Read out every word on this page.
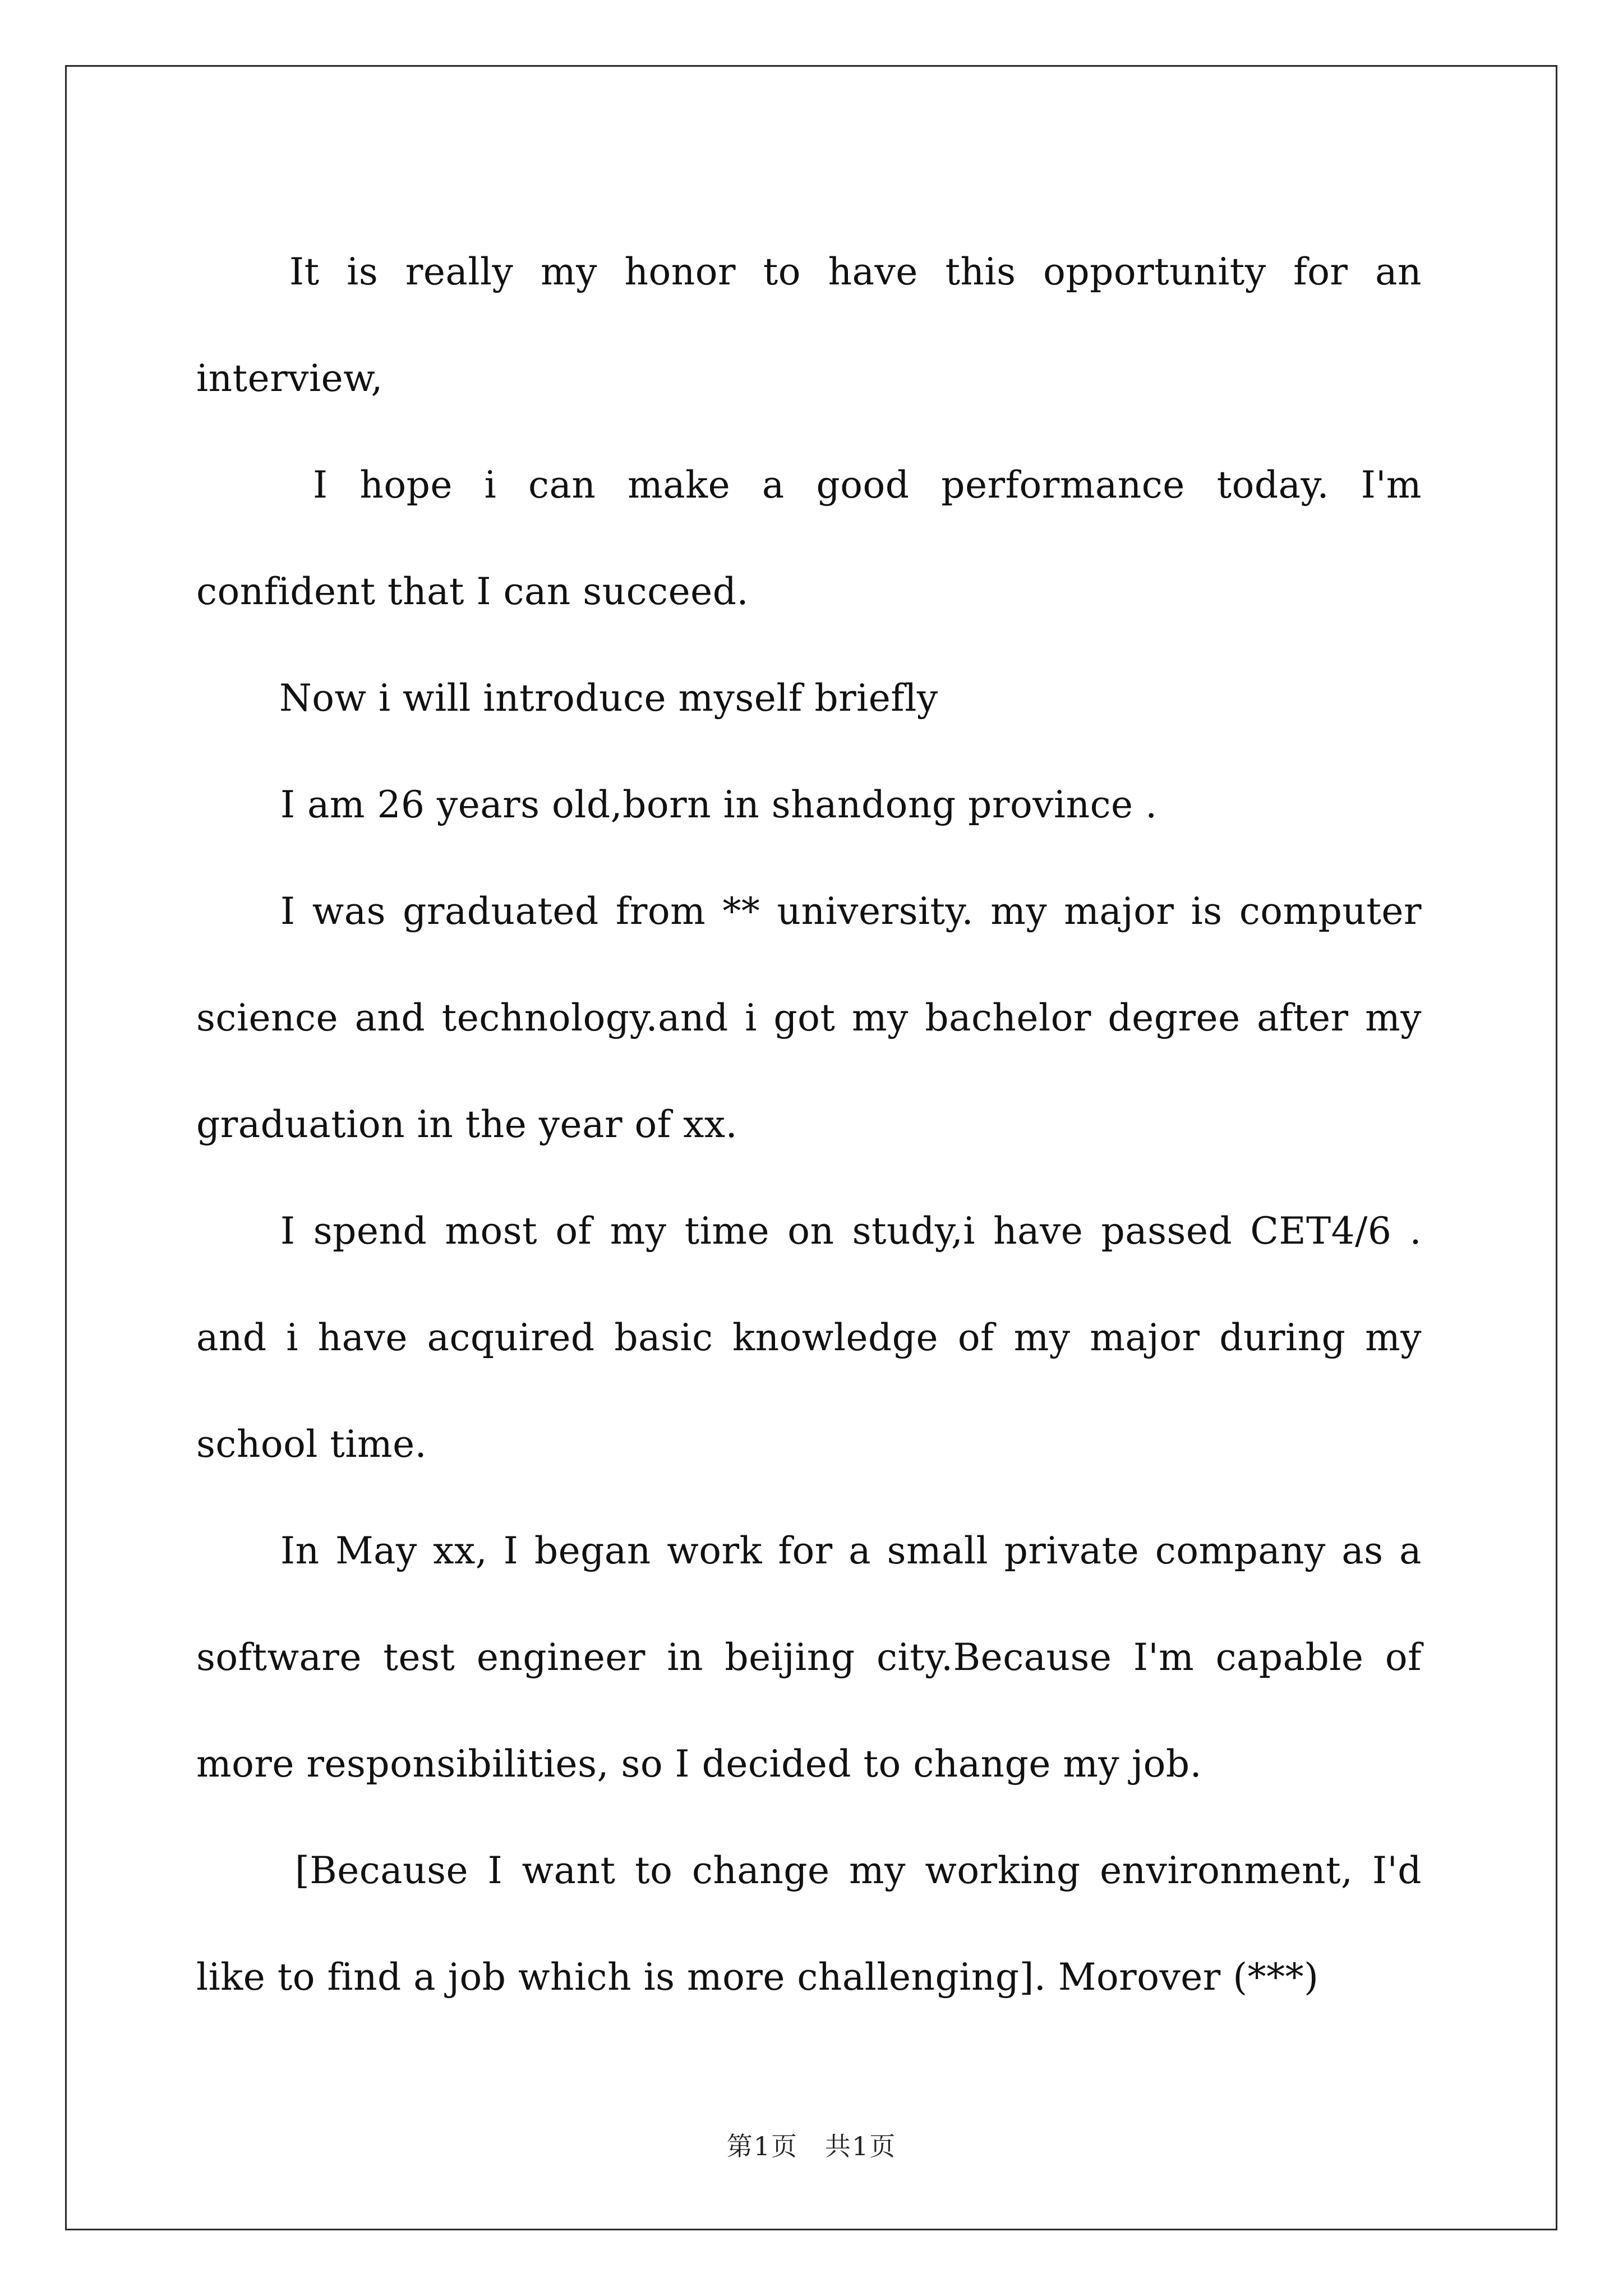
It is really my honor to have this opportunity for an interview,

I hope i can make a good performance today. I'm confident that I can succeed.

Now i will introduce myself briefly

I am 26 years old,born in shandong province .

I was graduated from ** university. my major is computer science and technology.and i got my bachelor degree after my graduation in the year of xx.

I spend most of my time on study,i have passed CET4/6 . and i have acquired basic knowledge of my major during my school time.

In May xx, I began work for a small private company as a software test engineer in beijing city.Because I'm capable of more responsibilities, so I decided to change my job.

[Because I want to change my working environment, I'd like to find a job which is more challenging]. Morover (***)

第1页 共1页
